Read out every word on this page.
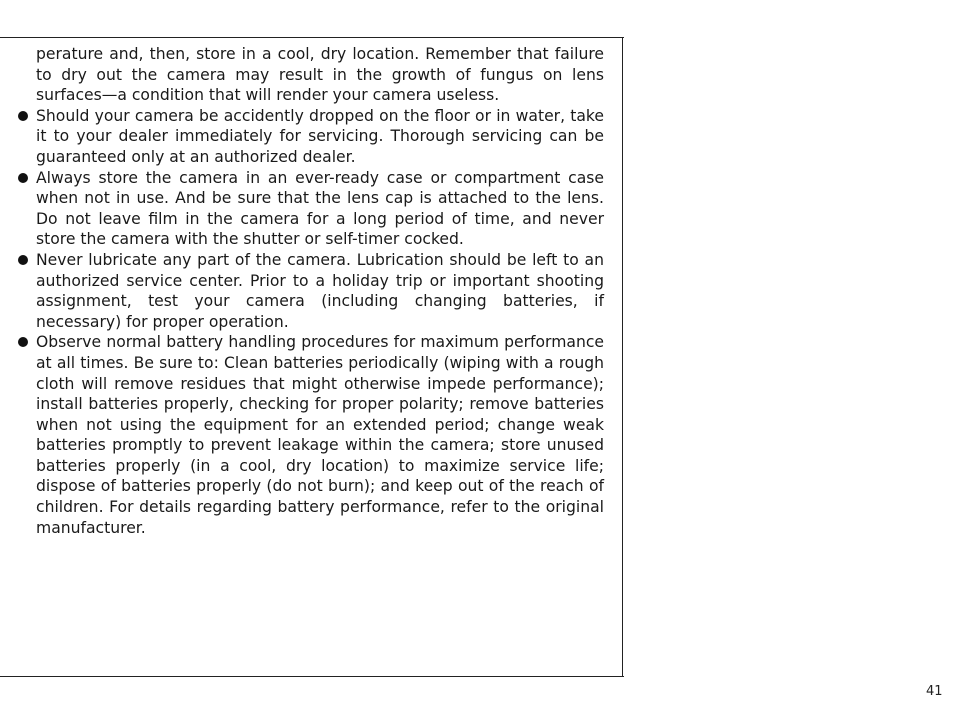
perature and, then, store in a cool, dry location. Remember that failure to dry out the camera may result in the growth of fungus on lens surfaces—a condition that will render your camera useless.

Should your camera be accidently dropped on the floor or in water, take it to your dealer immediately for servicing. Thorough servicing can be guaranteed only at an authorized dealer.

Always store the camera in an ever-ready case or compartment case when not in use. And be sure that the lens cap is attached to the lens. Do not leave film in the camera for a long period of time, and never store the camera with the shutter or self-timer cocked.

Never lubricate any part of the camera. Lubrication should be left to an authorized service center. Prior to a holiday trip or important shooting assignment, test your camera (including changing batteries, if necessary) for proper operation.

Observe normal battery handling procedures for maximum performance at all times. Be sure to: Clean batteries periodically (wiping with a rough cloth will remove residues that might otherwise impede performance); install batteries properly, checking for proper polarity; remove batteries when not using the equipment for an extended period; change weak batteries promptly to prevent leakage within the camera; store unused batteries properly (in a cool, dry location) to maximize service life; dispose of batteries properly (do not burn); and keep out of the reach of children. For details regarding battery performance, refer to the original manufacturer.

41
